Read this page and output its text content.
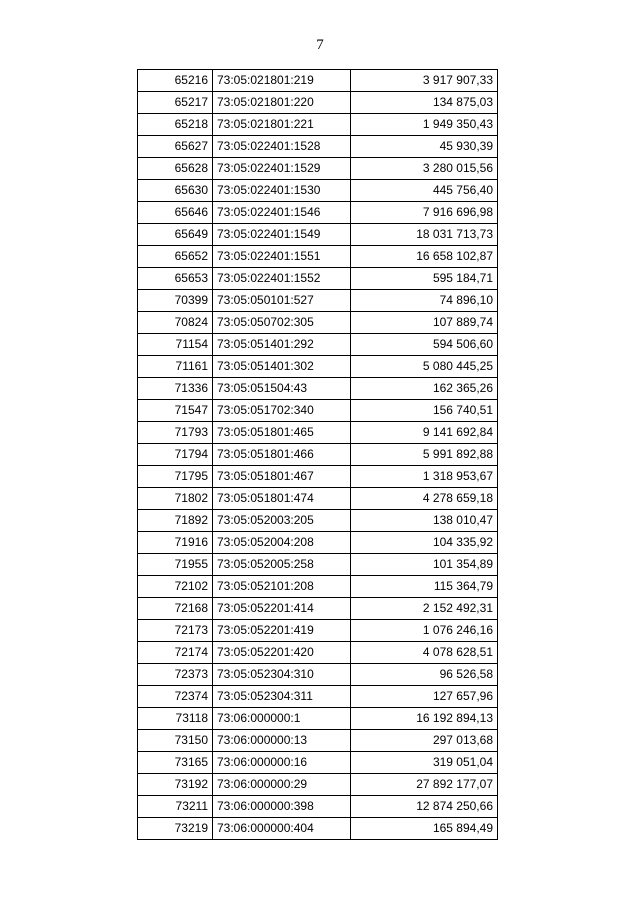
7
65216	73:05:021801:219	3 917 907,33
65217	73:05:021801:220	134 875,03
65218	73:05:021801:221	1 949 350,43
65627	73:05:022401:1528	45 930,39
65628	73:05:022401:1529	3 280 015,56
65630	73:05:022401:1530	445 756,40
65646	73:05:022401:1546	7 916 696,98
65649	73:05:022401:1549	18 031 713,73
65652	73:05:022401:1551	16 658 102,87
65653	73:05:022401:1552	595 184,71
70399	73:05:050101:527	74 896,10
70824	73:05:050702:305	107 889,74
71154	73:05:051401:292	594 506,60
71161	73:05:051401:302	5 080 445,25
71336	73:05:051504:43	162 365,26
71547	73:05:051702:340	156 740,51
71793	73:05:051801:465	9 141 692,84
71794	73:05:051801:466	5 991 892,88
71795	73:05:051801:467	1 318 953,67
71802	73:05:051801:474	4 278 659,18
71892	73:05:052003:205	138 010,47
71916	73:05:052004:208	104 335,92
71955	73:05:052005:258	101 354,89
72102	73:05:052101:208	115 364,79
72168	73:05:052201:414	2 152 492,31
72173	73:05:052201:419	1 076 246,16
72174	73:05:052201:420	4 078 628,51
72373	73:05:052304:310	96 526,58
72374	73:05:052304:311	127 657,96
73118	73:06:000000:1	16 192 894,13
73150	73:06:000000:13	297 013,68
73165	73:06:000000:16	319 051,04
73192	73:06:000000:29	27 892 177,07
73211	73:06:000000:398	12 874 250,66
73219	73:06:000000:404	165 894,49
